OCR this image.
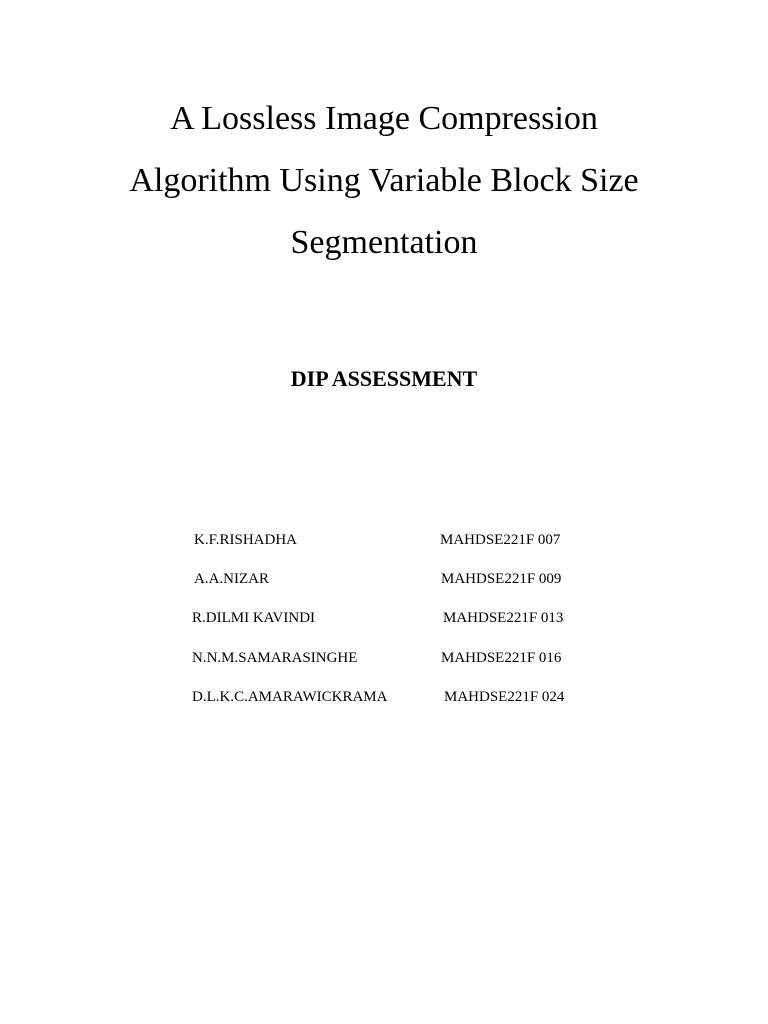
A Lossless Image Compression
Algorithm Using Variable Block Size
Segmentation
DIP ASSESSMENT
K.F.RISHADHA	MAHDSE221F 007
A.A.NIZAR	MAHDSE221F 009
R.DILMI KAVINDI	MAHDSE221F 013
N.N.M.SAMARASINGHE	MAHDSE221F 016
D.L.K.C.AMARAWICKRAMA	MAHDSE221F 024
